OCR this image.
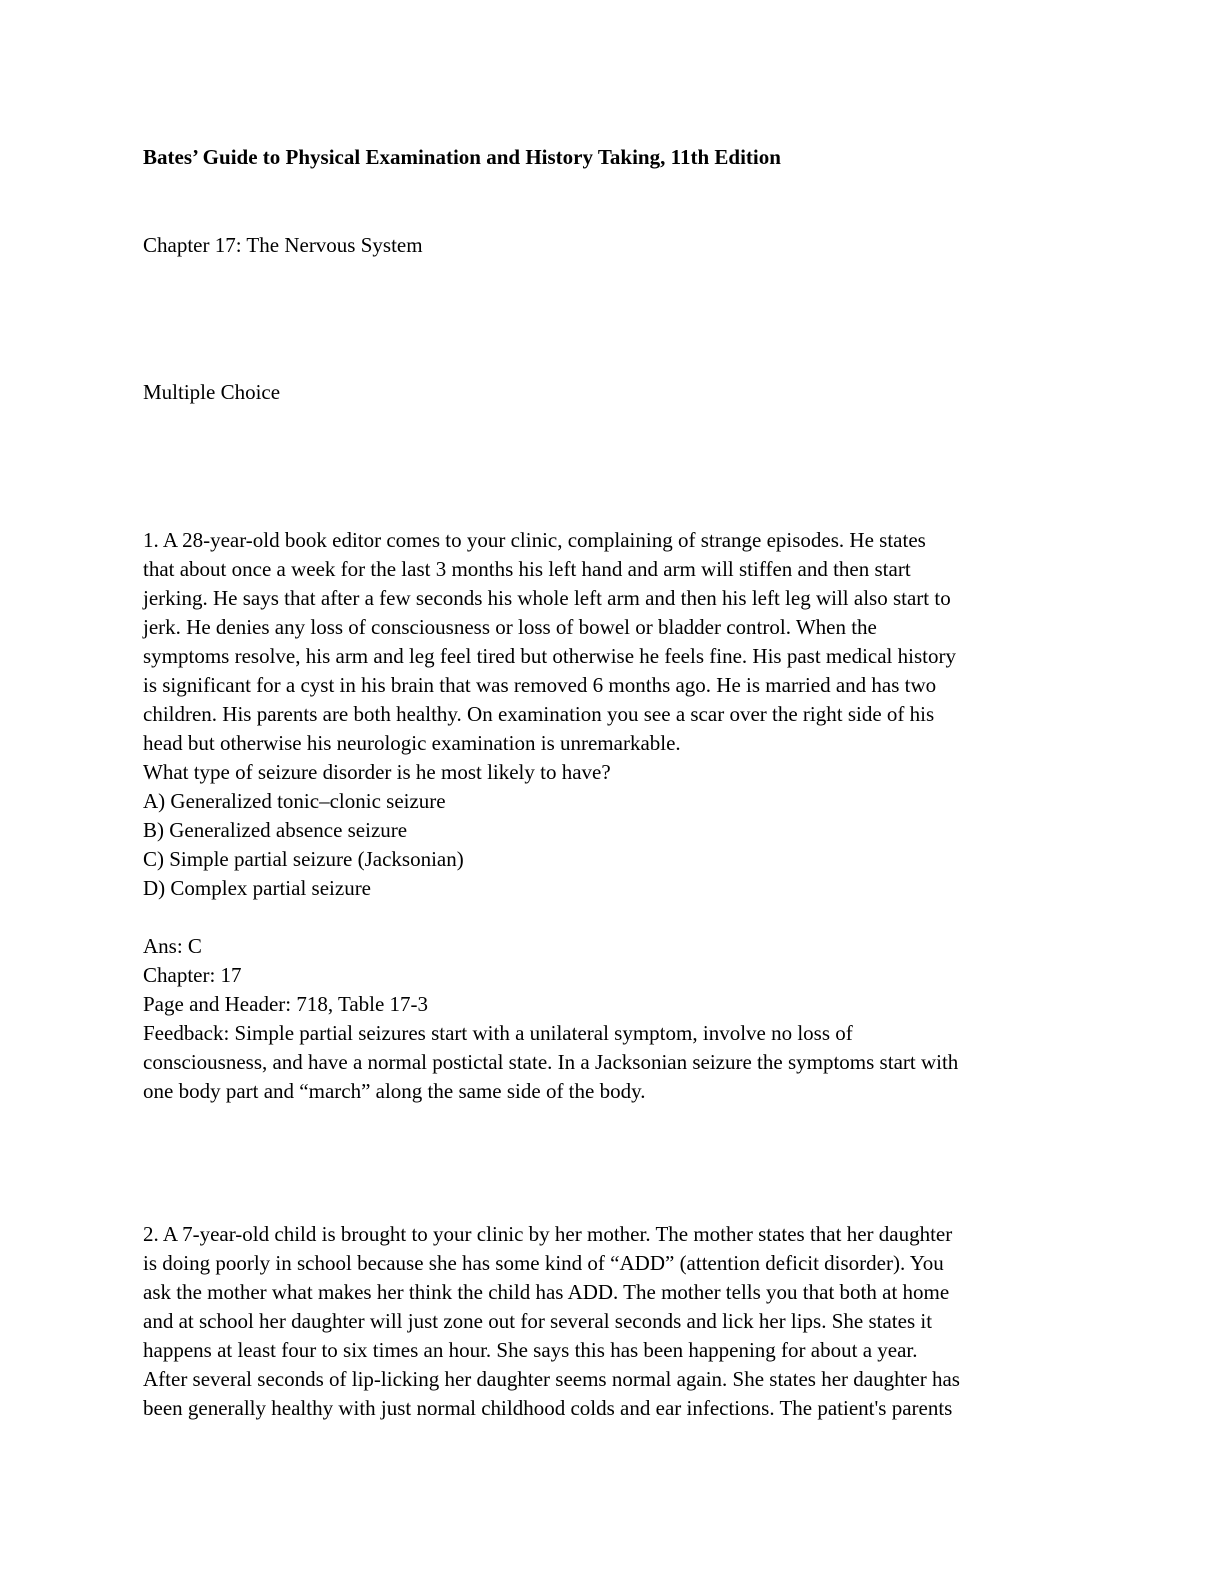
Bates’ Guide to Physical Examination and History Taking, 11th Edition
Chapter 17: The Nervous System
Multiple Choice
1. A 28-year-old book editor comes to your clinic, complaining of strange episodes. He states
that about once a week for the last 3 months his left hand and arm will stiffen and then start
jerking. He says that after a few seconds his whole left arm and then his left leg will also start to
jerk. He denies any loss of consciousness or loss of bowel or bladder control. When the
symptoms resolve, his arm and leg feel tired but otherwise he feels fine. His past medical history
is significant for a cyst in his brain that was removed 6 months ago. He is married and has two
children. His parents are both healthy. On examination you see a scar over the right side of his
head but otherwise his neurologic examination is unremarkable.
What type of seizure disorder is he most likely to have?
A) Generalized tonic–clonic seizure
B) Generalized absence seizure
C) Simple partial seizure (Jacksonian)
D) Complex partial seizure
Ans: C
Chapter: 17
Page and Header: 718, Table 17-3
Feedback: Simple partial seizures start with a unilateral symptom, involve no loss of
consciousness, and have a normal postictal state. In a Jacksonian seizure the symptoms start with
one body part and “march” along the same side of the body.
2. A 7-year-old child is brought to your clinic by her mother. The mother states that her daughter
is doing poorly in school because she has some kind of “ADD” (attention deficit disorder). You
ask the mother what makes her think the child has ADD. The mother tells you that both at home
and at school her daughter will just zone out for several seconds and lick her lips. She states it
happens at least four to six times an hour. She says this has been happening for about a year.
After several seconds of lip-licking her daughter seems normal again. She states her daughter has
been generally healthy with just normal childhood colds and ear infections. The patient's parents
